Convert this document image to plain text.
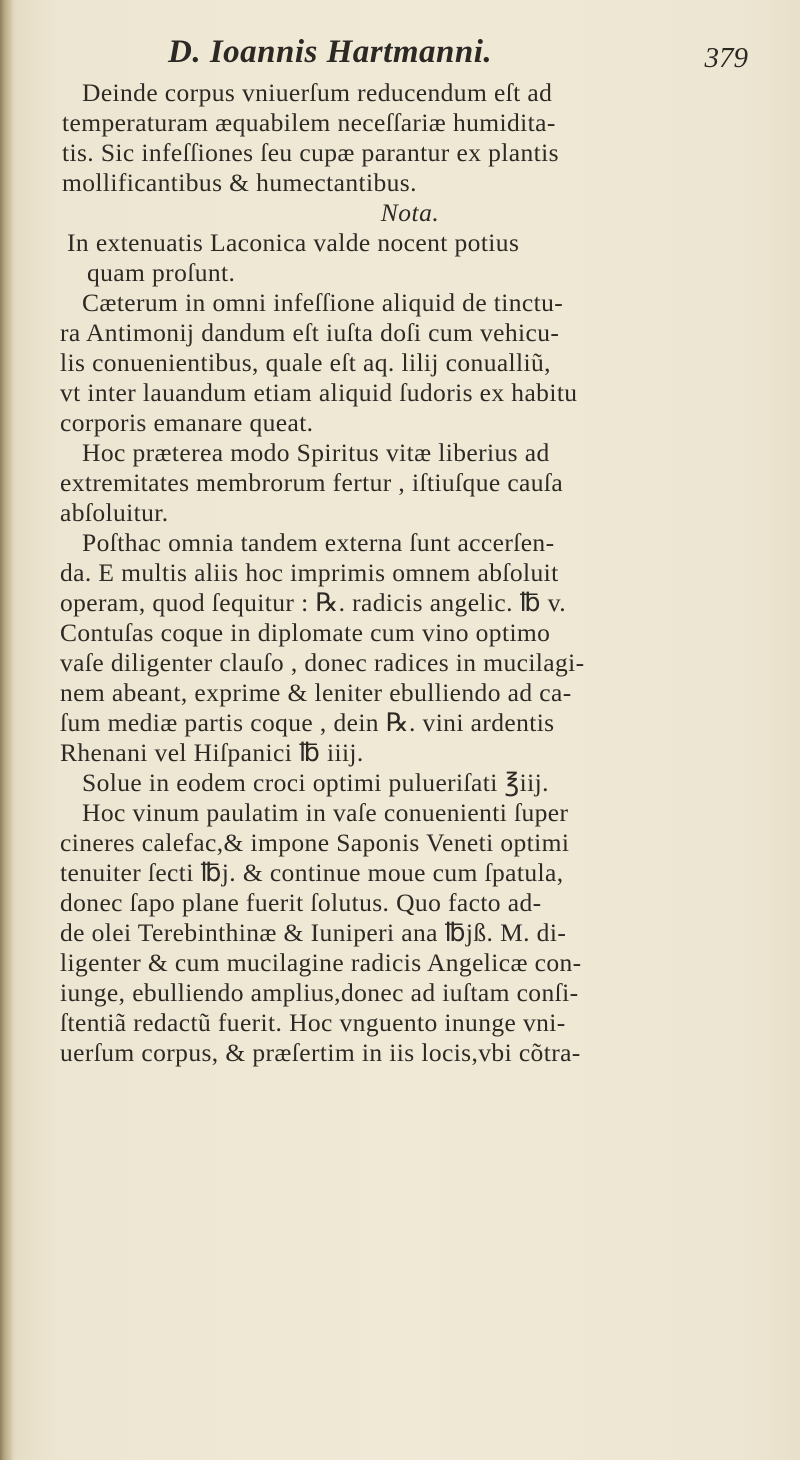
D. Ioannis Hartmanni.	379
Deinde corpus vniuerſum reducendum eſt ad
temperaturam æquabilem neceſſariæ humidita-
tis. Sic infeſſiones ſeu cupæ parantur ex plantis
mollificantibus & humectantibus.
Nota.
In extenuatis Laconica valde nocent potius
quam proſunt.
Cæterum in omni infeſſione aliquid de tinctu-
ra Antimonij dandum eſt iuſta doſi cum vehicu-
lis conuenientibus, quale eſt aq. lilij conualliũ,
vt inter lauandum etiam aliquid ſudoris ex habitu
corporis emanare queat.
Hoc præterea modo Spiritus vitæ liberius ad
extremitates membrorum fertur , iſtiuſque cauſa
abſoluitur.
Poſthac omnia tandem externa ſunt accerſen-
da. E multis aliis hoc imprimis omnem abſoluit
operam, quod ſequitur : ℞. radicis angelic. ℔ v.
Contuſas coque in diplomate cum vino optimo
vaſe diligenter clauſo , donec radices in mucilagi-
nem abeant, exprime & leniter ebulliendo ad ca-
ſum mediæ partis coque , dein ℞. vini ardentis
Rhenani vel Hiſpanici ℔ iiij.
Solue in eodem croci optimi pulueriſati ℥iij.
Hoc vinum paulatim in vaſe conuenienti ſuper
cineres calefac,& impone Saponis Veneti optimi
tenuiter ſecti ℔j. & continue moue cum ſpatula,
donec ſapo plane fuerit ſolutus. Quo facto ad-
de olei Terebinthinæ & Iuniperi ana ℔jß. M. di-
ligenter & cum mucilagine radicis Angelicæ con-
iunge, ebulliendo amplius,donec ad iuſtam conſi-
ſtentiã redactũ fuerit. Hoc vnguento inunge vni-
uerſum corpus, & præſertim in iis locis,vbi cõtra-
